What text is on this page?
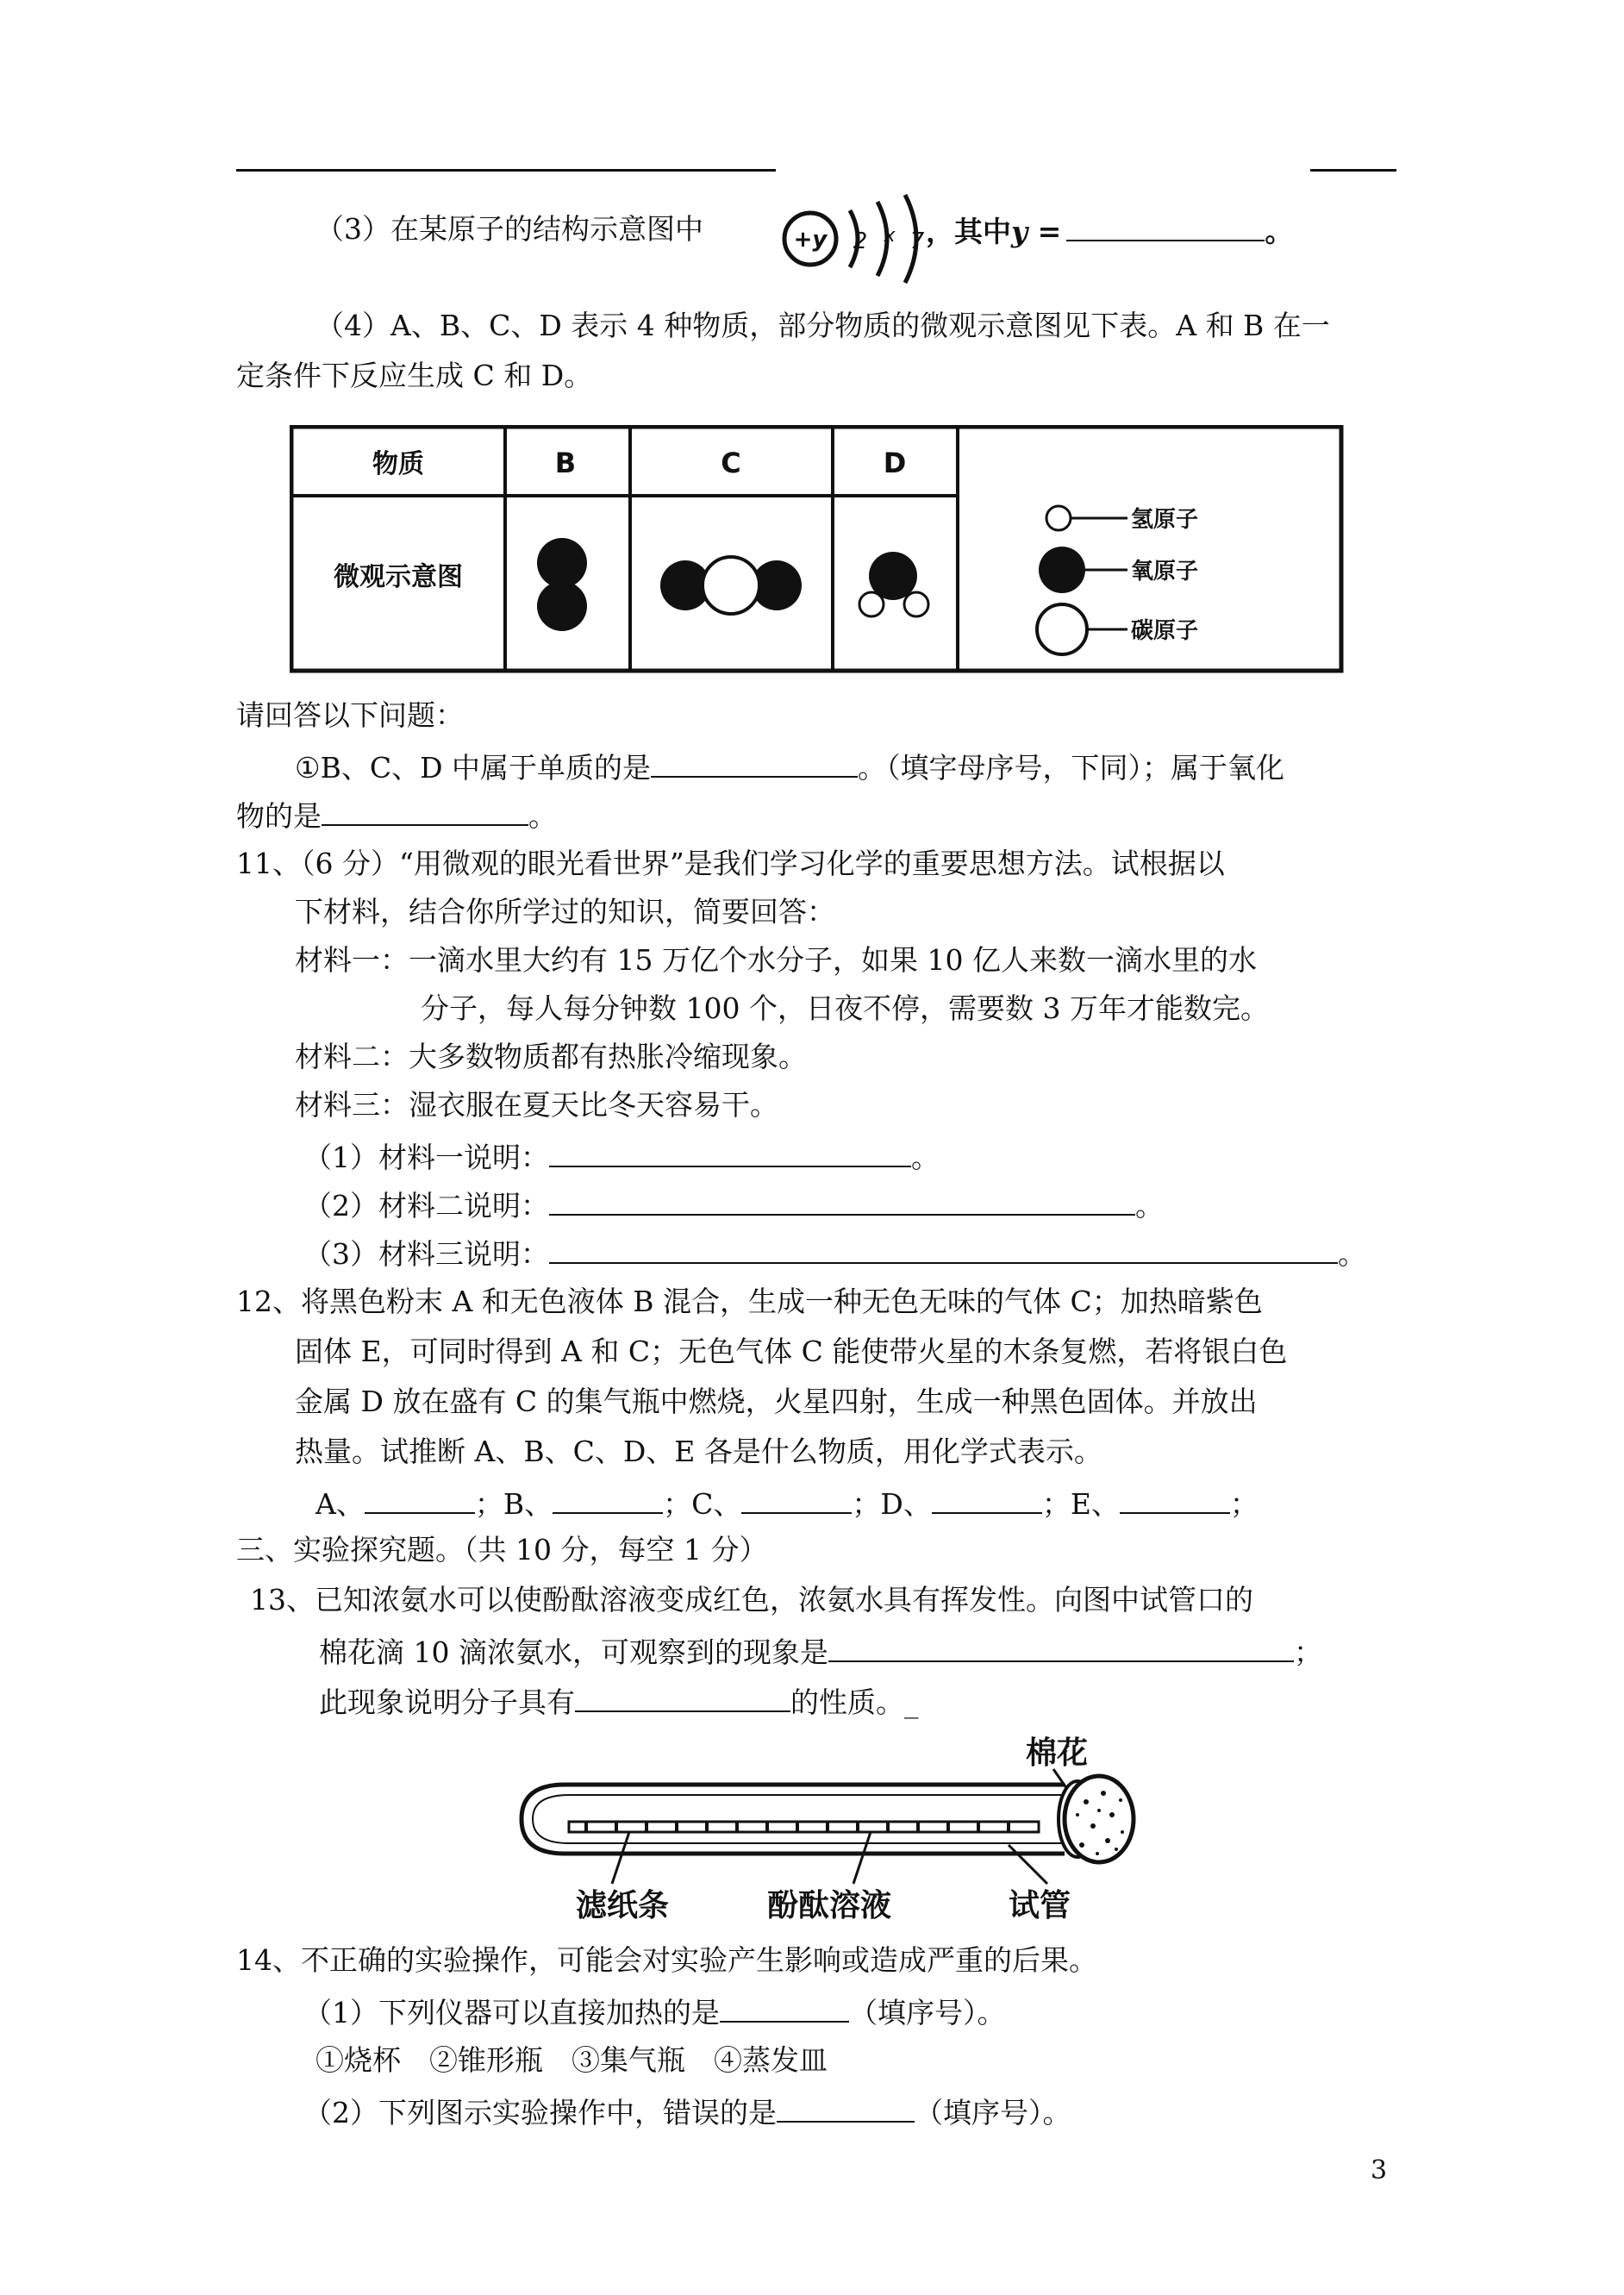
（3）在某原子的结构示意图中	+y 2 x 7 ，其中y =	。
（4）A、B、C、D 表示 4 种物质，部分物质的微观示意图见下表。A 和 B 在一
定条件下反应生成 C 和 D。
物质	B	C	D
微观示意图
氢原子
氧原子
碳原子
请回答以下问题：
①B、C、D 中属于单质的是	。（填字母序号，下同）；属于氧化
物的是	。
11、（6 分）“用微观的眼光看世界”是我们学习化学的重要思想方法。试根据以
下材料，结合你所学过的知识，简要回答：
材料一：一滴水里大约有 15 万亿个水分子，如果 10 亿人来数一滴水里的水
分子，每人每分钟数 100 个，日夜不停，需要数 3 万年才能数完。
材料二：大多数物质都有热胀冷缩现象。
材料三：湿衣服在夏天比冬天容易干。
（1）材料一说明：	。
（2）材料二说明：	。
（3）材料三说明：	。
12、将黑色粉末 A 和无色液体 B 混合，生成一种无色无味的气体 C；加热暗紫色
固体 E，可同时得到 A 和 C；无色气体 C 能使带火星的木条复燃，若将银白色
金属 D 放在盛有 C 的集气瓶中燃烧，火星四射，生成一种黑色固体。并放出
热量。试推断 A、B、C、D、E 各是什么物质，用化学式表示。
A、	；B、	；C、	；D、	；E、	；
三、实验探究题。（共 10 分，每空 1 分）
13、已知浓氨水可以使酚酞溶液变成红色，浓氨水具有挥发性。向图中试管口的
棉花滴 10 滴浓氨水，可观察到的现象是	；
此现象说明分子具有	的性质。_
棉花
滤纸条	酚酞溶液	试管
14、不正确的实验操作，可能会对实验产生影响或造成严重的后果。
（1）下列仪器可以直接加热的是	（填序号）。
①烧杯　②锥形瓶　③集气瓶　④蒸发皿
（2）下列图示实验操作中，错误的是	（填序号）。
3
